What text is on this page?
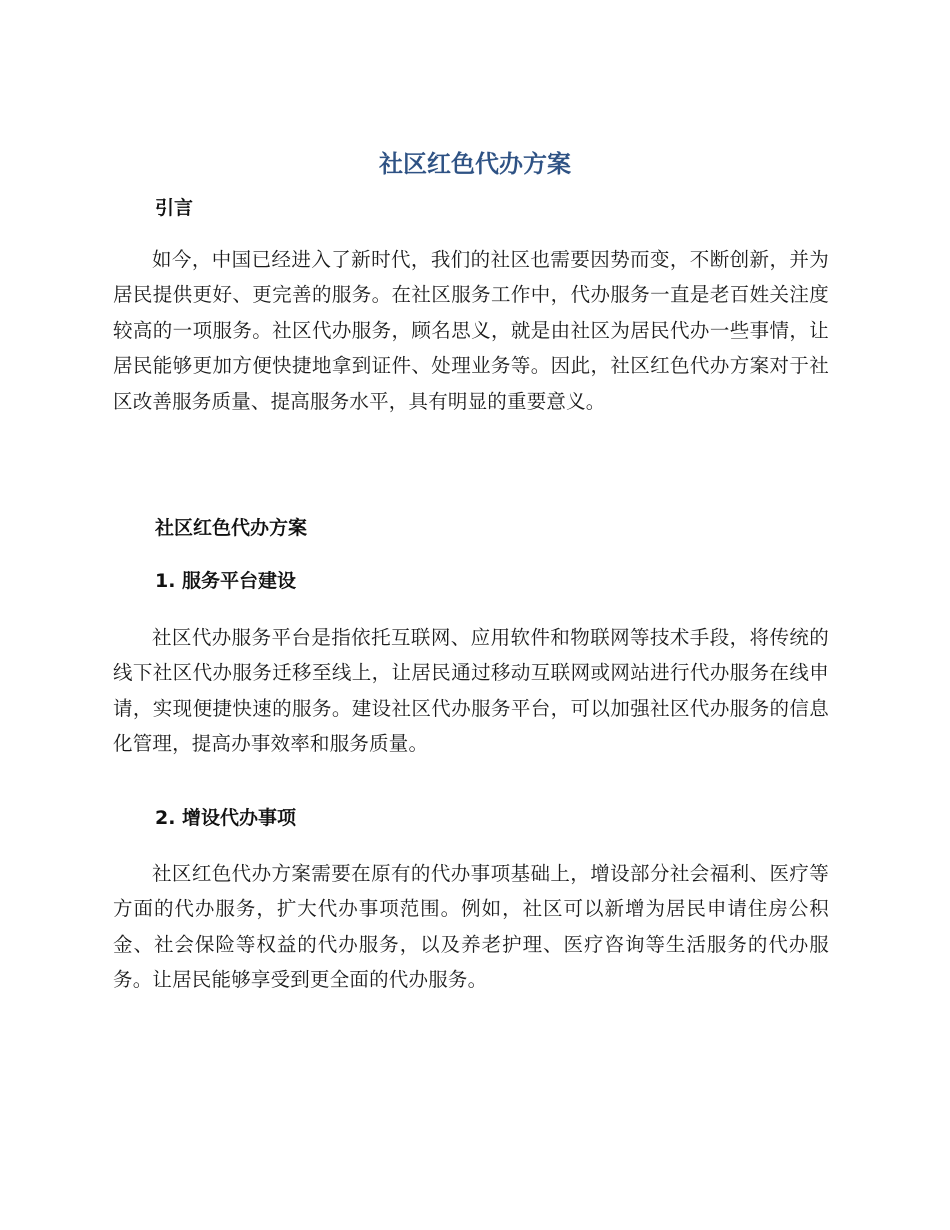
社区红色代办方案
引言

如今，中国已经进入了新时代，我们的社区也需要因势而变，不断创新，并为居民提供更好、更完善的服务。在社区服务工作中，代办服务一直是老百姓关注度较高的一项服务。社区代办服务，顾名思义，就是由社区为居民代办一些事情，让居民能够更加方便快捷地拿到证件、处理业务等。因此，社区红色代办方案对于社区改善服务质量、提高服务水平，具有明显的重要意义。

社区红色代办方案
1. 服务平台建设

社区代办服务平台是指依托互联网、应用软件和物联网等技术手段，将传统的线下社区代办服务迁移至线上，让居民通过移动互联网或网站进行代办服务在线申请，实现便捷快速的服务。建设社区代办服务平台，可以加强社区代办服务的信息化管理，提高办事效率和服务质量。

2. 增设代办事项

社区红色代办方案需要在原有的代办事项基础上，增设部分社会福利、医疗等方面的代办服务，扩大代办事项范围。例如，社区可以新增为居民申请住房公积金、社会保险等权益的代办服务，以及养老护理、医疗咨询等生活服务的代办服务。让居民能够享受到更全面的代办服务。
